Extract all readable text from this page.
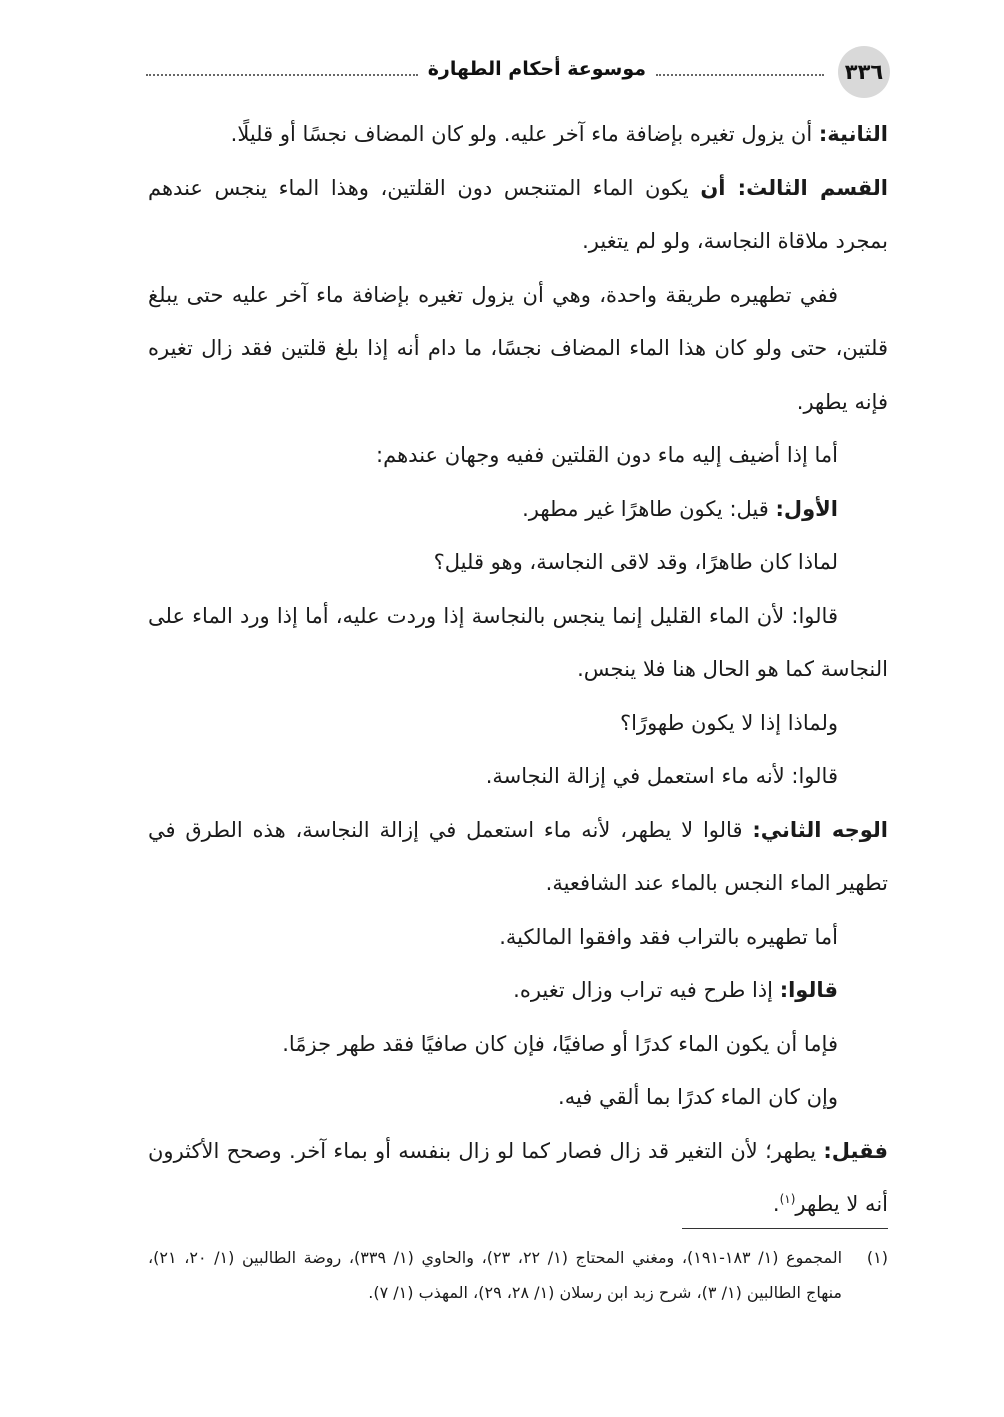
٣٣٦
موسوعة أحكام الطهارة

الثانية: أن يزول تغيره بإضافة ماء آخر عليه. ولو كان المضاف نجسًا أو قليلًا.

القسم الثالث: أن يكون الماء المتنجس دون القلتين، وهذا الماء ينجس عندهم بمجرد ملاقاة النجاسة، ولو لم يتغير.

ففي تطهيره طريقة واحدة، وهي أن يزول تغيره بإضافة ماء آخر عليه حتى يبلغ قلتين، حتى ولو كان هذا الماء المضاف نجسًا، ما دام أنه إذا بلغ قلتين فقد زال تغيره فإنه يطهر.

أما إذا أضيف إليه ماء دون القلتين ففيه وجهان عندهم:

الأول: قيل: يكون طاهرًا غير مطهر.

لماذا كان طاهرًا، وقد لاقى النجاسة، وهو قليل؟

قالوا: لأن الماء القليل إنما ينجس بالنجاسة إذا وردت عليه، أما إذا ورد الماء على النجاسة كما هو الحال هنا فلا ينجس.

ولماذا إذا لا يكون طهورًا؟

قالوا: لأنه ماء استعمل في إزالة النجاسة.

الوجه الثاني: قالوا لا يطهر، لأنه ماء استعمل في إزالة النجاسة، هذه الطرق في تطهير الماء النجس بالماء عند الشافعية.

أما تطهيره بالتراب فقد وافقوا المالكية.

قالوا: إذا طرح فيه تراب وزال تغيره.

فإما أن يكون الماء كدرًا أو صافيًا، فإن كان صافيًا فقد طهر جزمًا.

وإن كان الماء كدرًا بما ألقي فيه.

فقيل: يطهر؛ لأن التغير قد زال فصار كما لو زال بنفسه أو بماء آخر. وصحح الأكثرون أنه لا يطهر$^{(١)}$.

(١)
المجموع (١/ ١٨٣-١٩١)، ومغني المحتاج (١/ ٢٢، ٢٣)، والحاوي (١/ ٣٣٩)، روضة الطالبين (١/ ٢٠، ٢١)، منهاج الطالبين (١/ ٣)، شرح زبد ابن رسلان (١/ ٢٨، ٢٩)، المهذب (١/ ٧).
